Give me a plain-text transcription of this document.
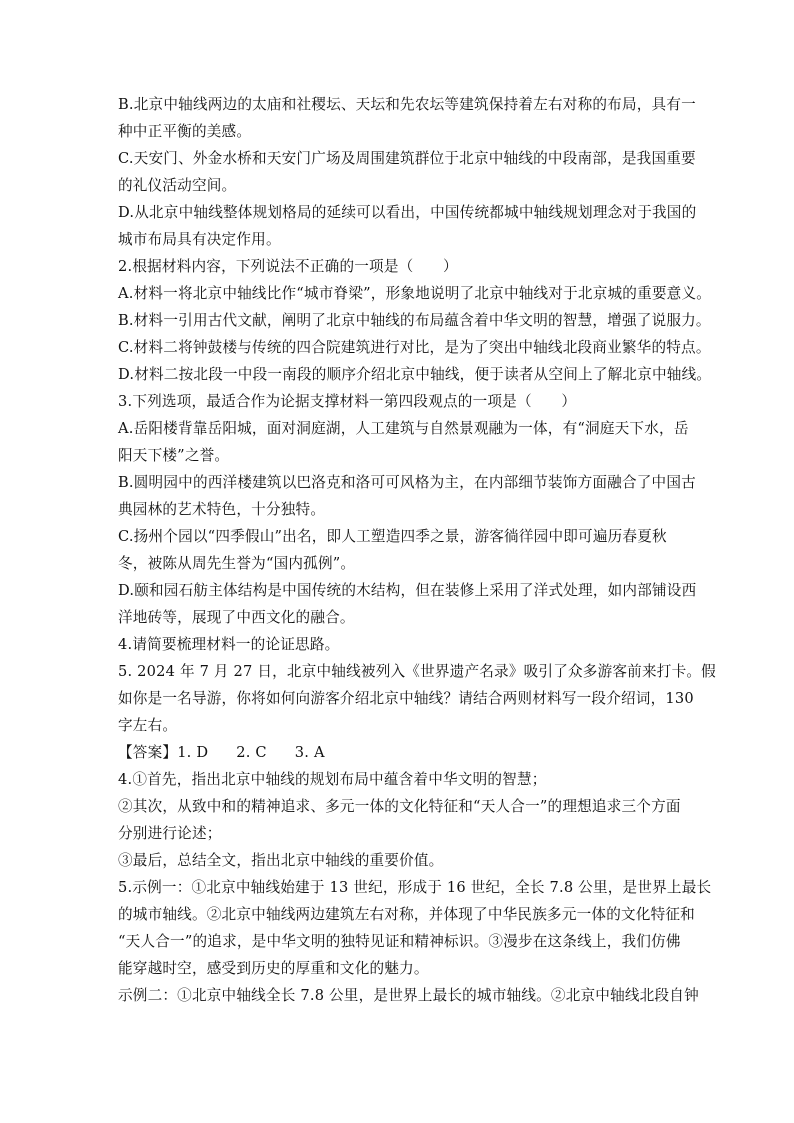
B.北京中轴线两边的太庙和社稷坛、天坛和先农坛等建筑保持着左右对称的布局，具有一
种中正平衡的美感。
C.天安门、外金水桥和天安门广场及周围建筑群位于北京中轴线的中段南部，是我国重要
的礼仪活动空间。
D.从北京中轴线整体规划格局的延续可以看出，中国传统都城中轴线规划理念对于我国的
城市布局具有决定作用。
2.根据材料内容，下列说法不正确的一项是（　　）
A.材料一将北京中轴线比作“城市脊梁”，形象地说明了北京中轴线对于北京城的重要意义。
B.材料一引用古代文献，阐明了北京中轴线的布局蕴含着中华文明的智慧，增强了说服力。
C.材料二将钟鼓楼与传统的四合院建筑进行对比，是为了突出中轴线北段商业繁华的特点。
D.材料二按北段一中段一南段的顺序介绍北京中轴线，便于读者从空间上了解北京中轴线。
3.下列选项，最适合作为论据支撑材料一第四段观点的一项是（　　）
A.岳阳楼背靠岳阳城，面对洞庭湖，人工建筑与自然景观融为一体，有“洞庭天下水，岳
阳天下楼”之誉。
B.圆明园中的西洋楼建筑以巴洛克和洛可可风格为主，在内部细节装饰方面融合了中国古
典园林的艺术特色，十分独特。
C.扬州个园以“四季假山”出名，即人工塑造四季之景，游客徜徉园中即可遍历春夏秋
冬，被陈从周先生誉为“国内孤例”。
D.颐和园石舫主体结构是中国传统的木结构，但在装修上采用了洋式处理，如内部铺设西
洋地砖等，展现了中西文化的融合。
4.请简要梳理材料一的论证思路。
5. 2024 年 7 月 27 日，北京中轴线被列入《世界遗产名录》吸引了众多游客前来打卡。假
如你是一名导游，你将如何向游客介绍北京中轴线？请结合两则材料写一段介绍词，130
字左右。
【答案】1. D 2. C 3. A
4.①首先，指出北京中轴线的规划布局中蕴含着中华文明的智慧；
②其次，从致中和的精神追求、多元一体的文化特征和“天人合一”的理想追求三个方面
分别进行论述；
③最后，总结全文，指出北京中轴线的重要价值。
5.示例一：①北京中轴线始建于 13 世纪，形成于 16 世纪，全长 7.8 公里，是世界上最长
的城市轴线。②北京中轴线两边建筑左右对称，并体现了中华民族多元一体的文化特征和
“天人合一”的追求，是中华文明的独特见证和精神标识。③漫步在这条线上，我们仿佛
能穿越时空，感受到历史的厚重和文化的魅力。
示例二：①北京中轴线全长 7.8 公里，是世界上最长的城市轴线。②北京中轴线北段自钟
